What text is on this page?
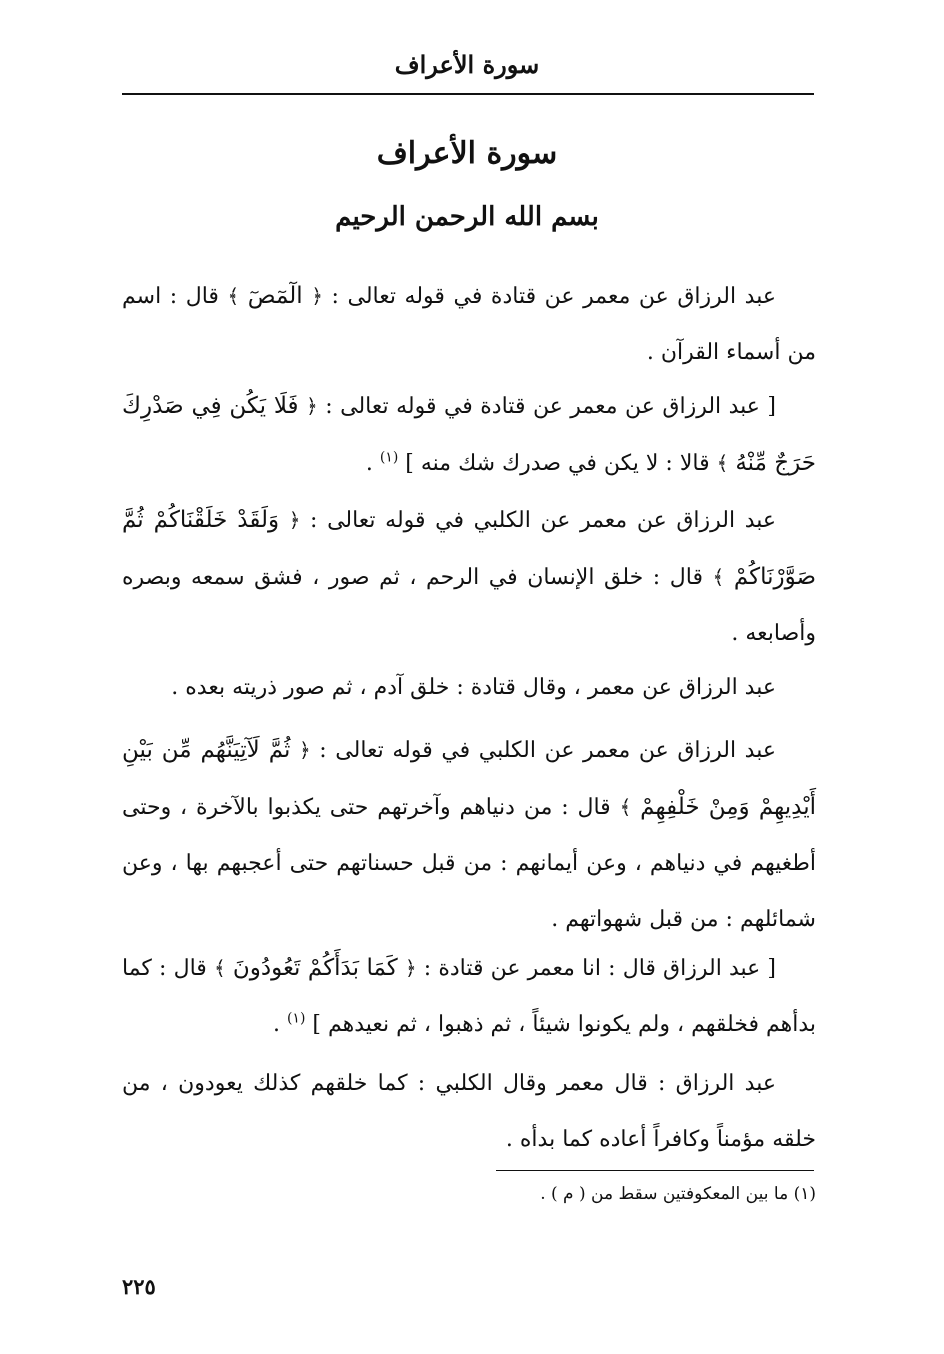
سورة الأعراف
سورة الأعراف
بسم الله الرحمن الرحيم

عبد الرزاق عن معمر عن قتادة في قوله تعالى : ﴿ الٓمٓصٓ ﴾ قال : اسم من أسماء القرآن .

[ عبد الرزاق عن معمر عن قتادة في قوله تعالى : ﴿ فَلَا يَكُن فِي صَدْرِكَ حَرَجٌ مِّنْهُ ﴾ قالا : لا يكن في صدرك شك منه ] $^{(١)}$ .

عبد الرزاق عن معمر عن الكلبي في قوله تعالى : ﴿ وَلَقَدْ خَلَقْنَاكُمْ ثُمَّ صَوَّرْنَاكُمْ ﴾ قال : خلق الإنسان في الرحم ، ثم صور ، فشق سمعه وبصره وأصابعه .

عبد الرزاق عن معمر ، وقال قتادة : خلق آدم ، ثم صور ذريته بعده .

عبد الرزاق عن معمر عن الكلبي في قوله تعالى : ﴿ ثُمَّ لَآتِيَنَّهُم مِّن بَيْنِ أَيْدِيهِمْ وَمِنْ خَلْفِهِمْ ﴾ قال : من دنياهم وآخرتهم حتى يكذبوا بالآخرة ، وحتى أطغيهم في دنياهم ، وعن أيمانهم : من قبل حسناتهم حتى أعجبهم بها ، وعن شمائلهم : من قبل شهواتهم .

[ عبد الرزاق قال : انا معمر عن قتادة : ﴿ كَمَا بَدَأَكُمْ تَعُودُونَ ﴾ قال : كما بدأهم فخلقهم ، ولم يكونوا شيئاً ، ثم ذهبوا ، ثم نعيدهم ] $^{(١)}$ .

عبد الرزاق : قال معمر وقال الكلبي : كما خلقهم كذلك يعودون ، من خلقه مؤمناً وكافراً أعاده كما بدأه .

(١) ما بين المعكوفتين سقط من ( م ) .
٢٢٥
